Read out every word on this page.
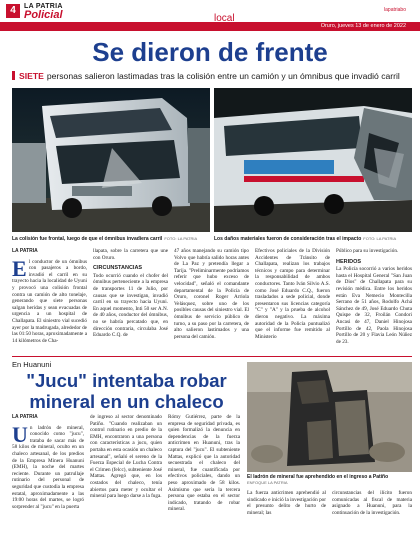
4	LA PATRIA
Policial	local
lapatriabo
Oruro, jueves 13 de enero de 2022
Se dieron de frente
SIETE personas salieron lastimadas tras la colisión entre un camión y un ómnibus que invadió carril
La colisión fue frontal, luego de que el ómnibus invadiera carril FOTO: LA PATRIA	Los daños materiales fueron de consideración tras el impacto FOTO: LA PATRIA
LA PATRIA

El conductor de un ómnibus con pasajeros a bordo, invadió el carril en su trayecto hacia la localidad de Uyuni y provocó una colisión frontal contra un camión de alto tonelaje, generando que siete personas salgan heridas y sean evacuadas de urgencia a un hospital de Challapata. El siniestro vial sucedió ayer por la madrugada, alrededor de las 01:50 horas, aproximadamente a 14 kilómetros de Cha-

llapata, sobre la carretera que une con Oruro.

CIRCUNSTANCIAS

Todo ocurrió cuando el chofer del ómnibus perteneciente a la empresa de transportes 11 de Julio, por causas que se investigan, invadió carril en su trayecto hacia Uyuni. En aquel momento, Inti 50 ser A.N. de 40 años, conductor del ómnibus, no se habría percatado que, en dirección contraria, circulaba José Eduardo C.Q. de

47 años manejando su camión tipo Volvo que habría salido horas antes de La Paz y pretendía llegar a Tarija. "Preliminarmente podríamos referir que hubo exceso de velocidad", señaló el comandante departamental de la Policía de Oruro, coronel Roger Arriola Velásquez, sobre uno de los posibles causas del siniestro vial. El ómnibus de servicio público de turno, a su paso por la carretera, de alto salieron lastimados y una persona del camión.

Efectivos policiales de la División Accidentes de Tránsito de Challapata, realizan los trabajos técnicos y campo para determinar la responsabilidad de ambos conductores. Tanto Iván Silvio A.S. como José Eduardo C.Q., fueron trasladados a sede policial, donde presentaron sus licencias categoría "C" y "A" y la prueba de alcohol dieron negativo. La máxima autoridad de la Policía puntualizó que el informe fue remitido al Ministerio

Público para su investigación.

HERIDOS

La Policía socorrió a varios heridos hasta el Hospital General "San Juan de Dios" de Challapata para su revisión médica. Entre los heridos están Eva Nemecio Montecilla Serrano de 51 años, Rodolfo Achá Sánchez de 49, José Eduardo Chuta Quispe de 32, Froilán Condori Ancasi de 47, Daniel Hinojosa Portillo de 42, Paola Hinojosa Portillo de 20 y Flavia León Núñez de 23.

En Huanuni
"Jucu" intentaba robar mineral en un chaleco
El ladrón de mineral fue aprehendido en el ingreso a Patiño
ENFOQUE LA PATRIA
LA PATRIA

Un ladrón de mineral, conocido como "jucu", trataba de sacar más de 58 kilos de mineral, oculto en un chaleco artesanal, de los predios de la Empresa Minera Huanuni (EMH), la noche del martes reciente. Durante un patrullaje rutinario del personal de seguridad que custodia la empresa estatal, aproximadamente a las 19:00 horas del martes, se logró sorprender al "jucu" en la puerta

de ingreso al sector denominado Patiño. "Cuando realizaban un control rutinario en predio de la EMH, encontraron a una persona con características a jucu, quien portaba en esta ocasión un chaleco artesanal", señaló el sereno de la Fuerza Especial de Lucha Contra el Crimen (felcc), subteniente José Mattas. Agregó que, en los costados del chaleco, tenía abiertos para meter y ocultar el mineral para luego darse a la fuga.

Rómy Gutiérrez, parte de la empresa de seguridad privada, es quien formalizó la denuncia en dependencias de la fuerza anticrimen en Huanuni, tras la captura del "jucu". El subteniente Mattas, explicó que la autoridad secuestrada el chaleco del mineral, fue cuantificada por efectivos policiales, dando un peso aproximado de 58 kilos. Asimismo que sería la tercera persona que estaba en el sector indicado, tratando de robar mineral.

La fuerza anticrimen aprehendió al sindicado e inició la investigación por el presunto delito de hurto de mineral; las

circunstancias del ilícito fueron comunicadas al fiscal de materia asignado a Huanuni, para la continuación de la investigación.
